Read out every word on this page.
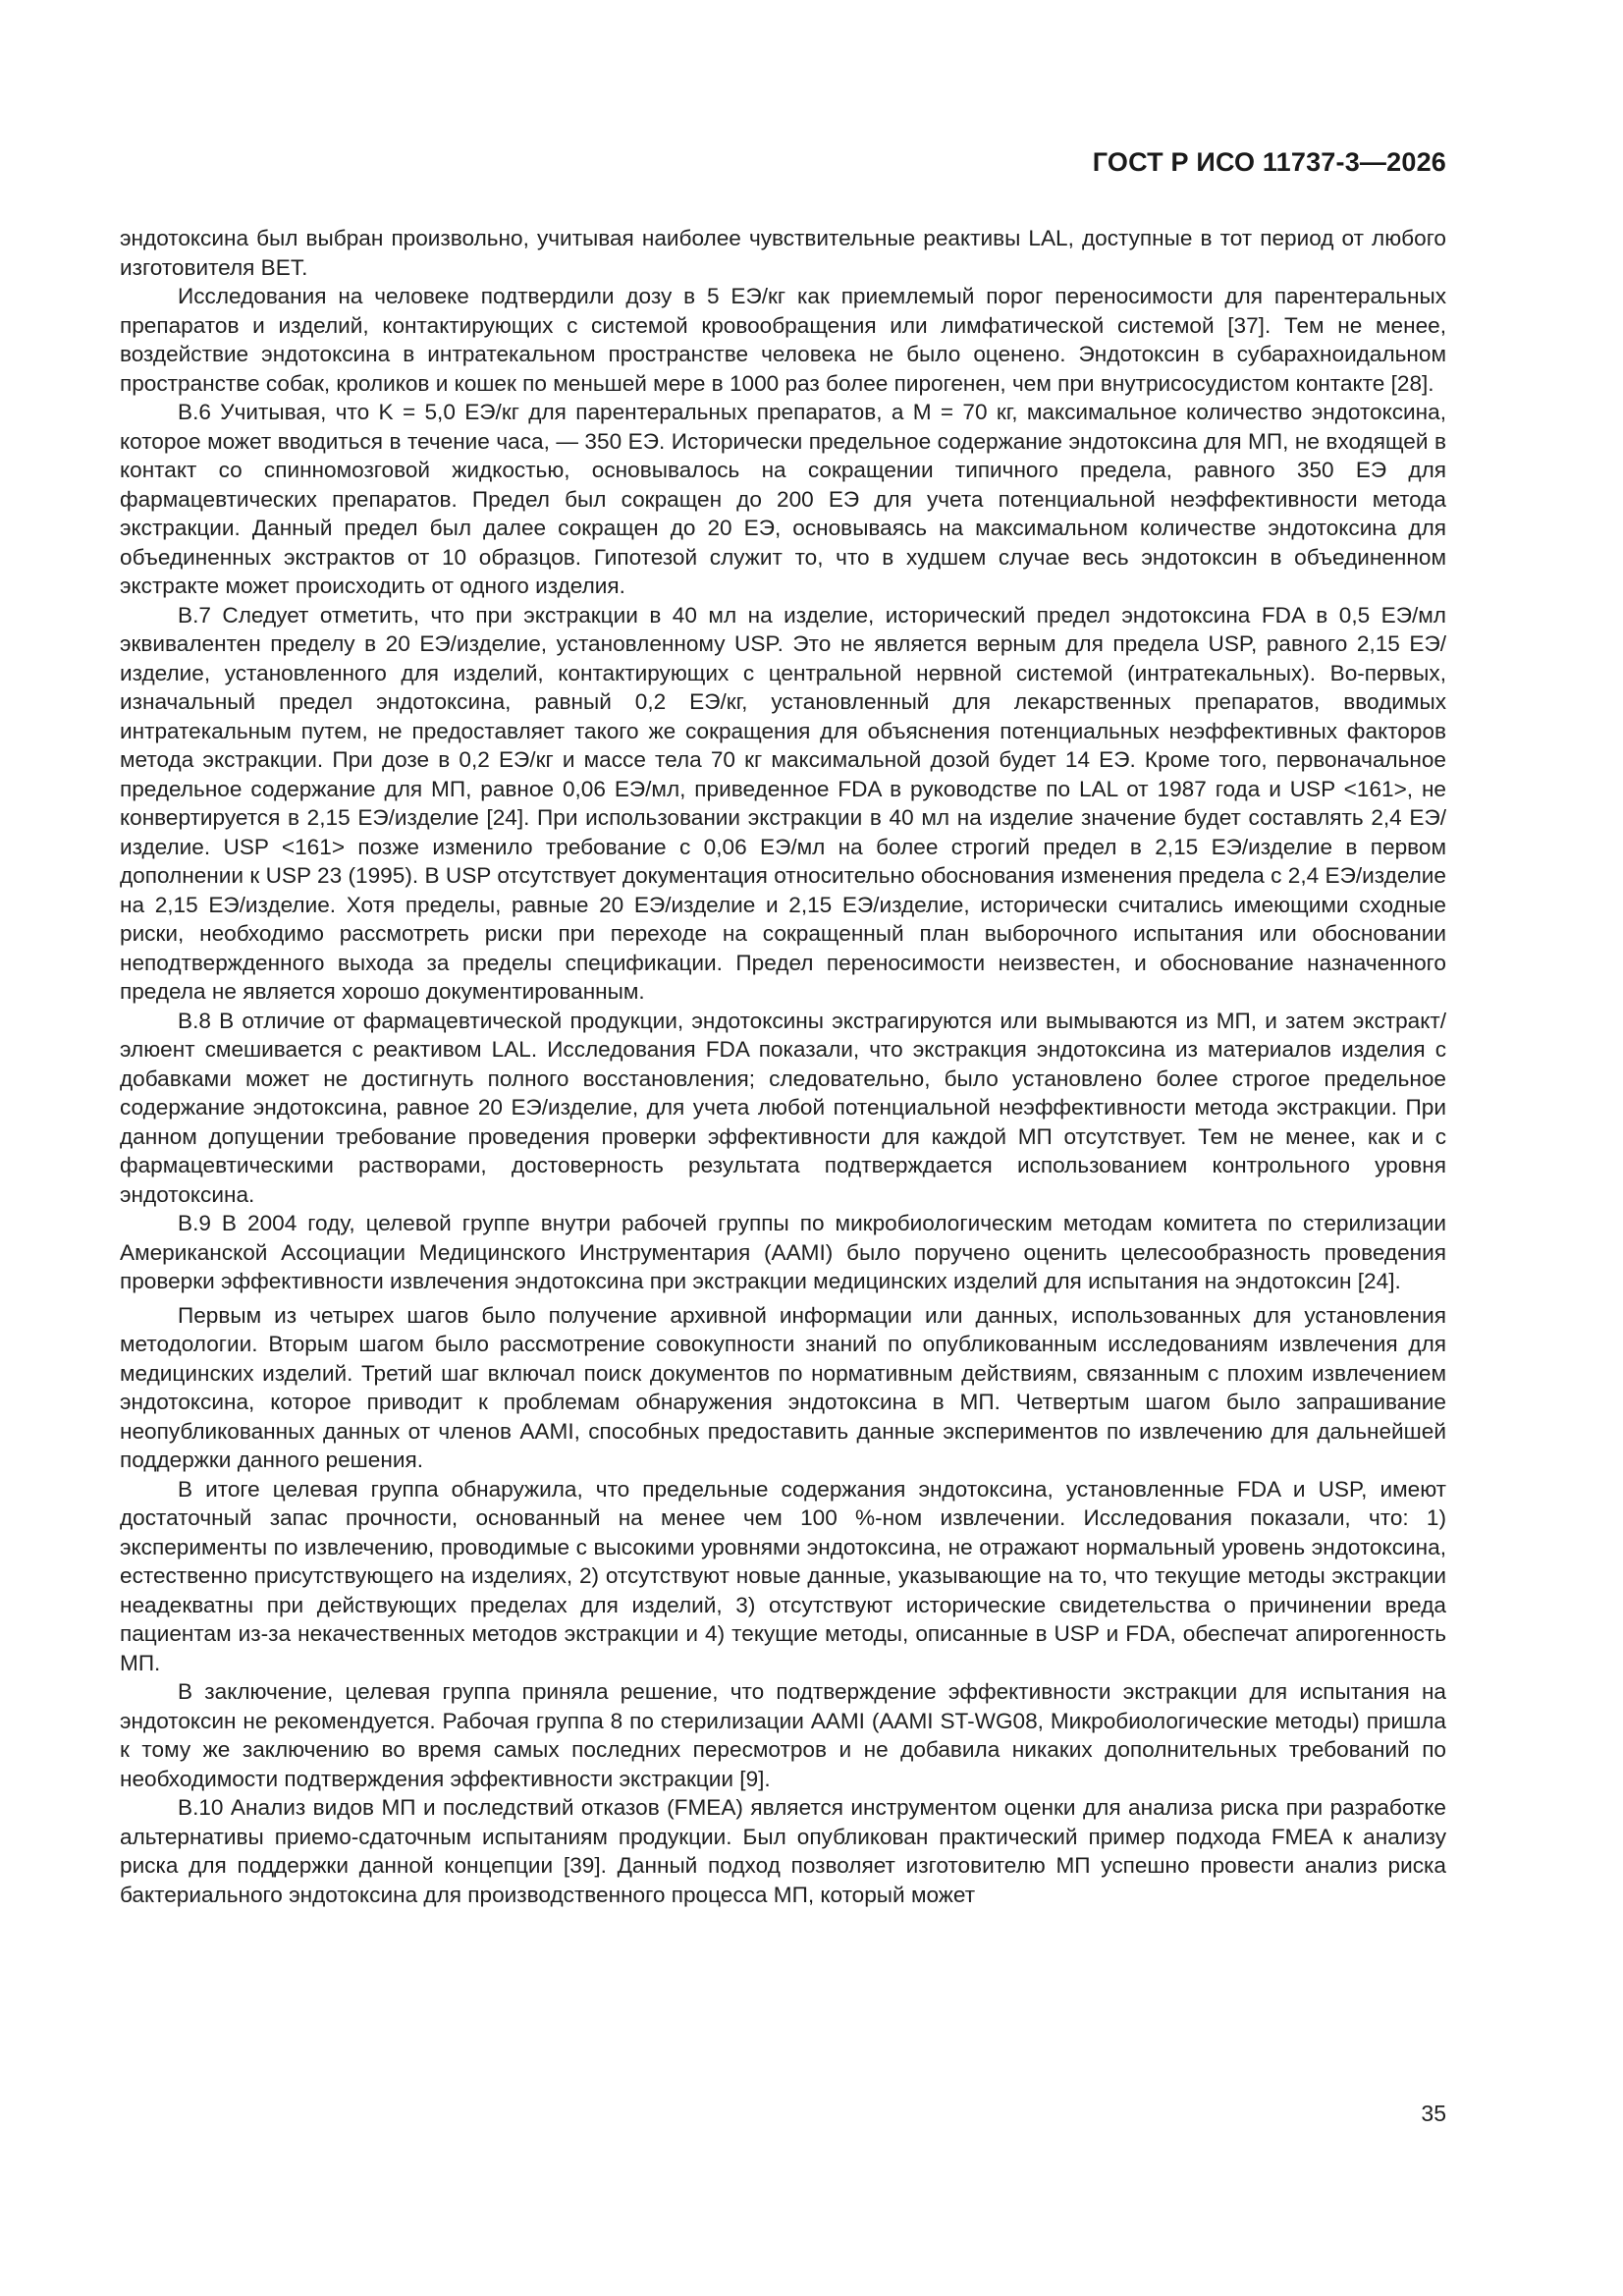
ГОСТ Р ИСО 11737-3—2026

эндотоксина был выбран произвольно, учитывая наиболее чувствительные реактивы LAL, доступные в тот период от любого изготовителя BET.

Исследования на человеке подтвердили дозу в 5 ЕЭ/кг как приемлемый порог переносимости для парентеральных препаратов и изделий, контактирующих с системой кровообращения или лимфатической системой [37]. Тем не менее, воздействие эндотоксина в интратекальном пространстве человека не было оценено. Эндотоксин в субарахноидальном пространстве собак, кроликов и кошек по меньшей мере в 1000 раз более пирогенен, чем при внутрисосудистом контакте [28].

В.6 Учитывая, что K = 5,0 ЕЭ/кг для парентеральных препаратов, а M = 70 кг, максимальное количество эндотоксина, которое может вводиться в течение часа, — 350 ЕЭ. Исторически предельное содержание эндотоксина для МП, не входящей в контакт со спинномозговой жидкостью, основывалось на сокращении типичного предела, равного 350 ЕЭ для фармацевтических препаратов. Предел был сокращен до 200 ЕЭ для учета потенциальной неэффективности метода экстракции. Данный предел был далее сокращен до 20 ЕЭ, основываясь на максимальном количестве эндотоксина для объединенных экстрактов от 10 образцов. Гипотезой служит то, что в худшем случае весь эндотоксин в объединенном экстракте может происходить от одного изделия.

В.7 Следует отметить, что при экстракции в 40 мл на изделие, исторический предел эндотоксина FDA в 0,5 ЕЭ/мл эквивалентен пределу в 20 ЕЭ/изделие, установленному USP. Это не является верным для предела USP, равного 2,15 ЕЭ/изделие, установленного для изделий, контактирующих с центральной нервной системой (интратекальных). Во-первых, изначальный предел эндотоксина, равный 0,2 ЕЭ/кг, установленный для лекарственных препаратов, вводимых интратекальным путем, не предоставляет такого же сокращения для объяснения потенциальных неэффективных факторов метода экстракции. При дозе в 0,2 ЕЭ/кг и массе тела 70 кг максимальной дозой будет 14 ЕЭ. Кроме того, первоначальное предельное содержание для МП, равное 0,06 ЕЭ/мл, приведенное FDA в руководстве по LAL от 1987 года и USP <161>, не конвертируется в 2,15 ЕЭ/изделие [24]. При использовании экстракции в 40 мл на изделие значение будет составлять 2,4 ЕЭ/изделие. USP <161> позже изменило требование с 0,06 ЕЭ/мл на более строгий предел в 2,15 ЕЭ/изделие в первом дополнении к USP 23 (1995). В USP отсутствует документация относительно обоснования изменения предела с 2,4 ЕЭ/изделие на 2,15 ЕЭ/изделие. Хотя пределы, равные 20 ЕЭ/изделие и 2,15 ЕЭ/изделие, исторически считались имеющими сходные риски, необходимо рассмотреть риски при переходе на сокращенный план выборочного испытания или обосновании неподтвержденного выхода за пределы спецификации. Предел переносимости неизвестен, и обоснование назначенного предела не является хорошо документированным.

В.8 В отличие от фармацевтической продукции, эндотоксины экстрагируются или вымываются из МП, и затем экстракт/элюент смешивается с реактивом LAL. Исследования FDA показали, что экстракция эндотоксина из материалов изделия с добавками может не достигнуть полного восстановления; следовательно, было установлено более строгое предельное содержание эндотоксина, равное 20 ЕЭ/изделие, для учета любой потенциальной неэффективности метода экстракции. При данном допущении требование проведения проверки эффективности для каждой МП отсутствует. Тем не менее, как и с фармацевтическими растворами, достоверность результата подтверждается использованием контрольного уровня эндотоксина.

В.9 В 2004 году, целевой группе внутри рабочей группы по микробиологическим методам комитета по стерилизации Американской Ассоциации Медицинского Инструментария (AAMI) было поручено оценить целесообразность проведения проверки эффективности извлечения эндотоксина при экстракции медицинских изделий для испытания на эндотоксин [24].

Первым из четырех шагов было получение архивной информации или данных, использованных для установления методологии. Вторым шагом было рассмотрение совокупности знаний по опубликованным исследованиям извлечения для медицинских изделий. Третий шаг включал поиск документов по нормативным действиям, связанным с плохим извлечением эндотоксина, которое приводит к проблемам обнаружения эндотоксина в МП. Четвертым шагом было запрашивание неопубликованных данных от членов AAMI, способных предоставить данные экспериментов по извлечению для дальнейшей поддержки данного решения.

В итоге целевая группа обнаружила, что предельные содержания эндотоксина, установленные FDA и USP, имеют достаточный запас прочности, основанный на менее чем 100 %-ном извлечении. Исследования показали, что: 1) эксперименты по извлечению, проводимые с высокими уровнями эндотоксина, не отражают нормальный уровень эндотоксина, естественно присутствующего на изделиях, 2) отсутствуют новые данные, указывающие на то, что текущие методы экстракции неадекватны при действующих пределах для изделий, 3) отсутствуют исторические свидетельства о причинении вреда пациентам из-за некачественных методов экстракции и 4) текущие методы, описанные в USP и FDA, обеспечат апирогенность МП.

В заключение, целевая группа приняла решение, что подтверждение эффективности экстракции для испытания на эндотоксин не рекомендуется. Рабочая группа 8 по стерилизации AAMI (AAMI ST-WG08, Микробиологические методы) пришла к тому же заключению во время самых последних пересмотров и не добавила никаких дополнительных требований по необходимости подтверждения эффективности экстракции [9].

В.10 Анализ видов МП и последствий отказов (FMEA) является инструментом оценки для анализа риска при разработке альтернативы приемо-сдаточным испытаниям продукции. Был опубликован практический пример подхода FMEA к анализу риска для поддержки данной концепции [39]. Данный подход позволяет изготовителю МП успешно провести анализ риска бактериального эндотоксина для производственного процесса МП, который может

35
